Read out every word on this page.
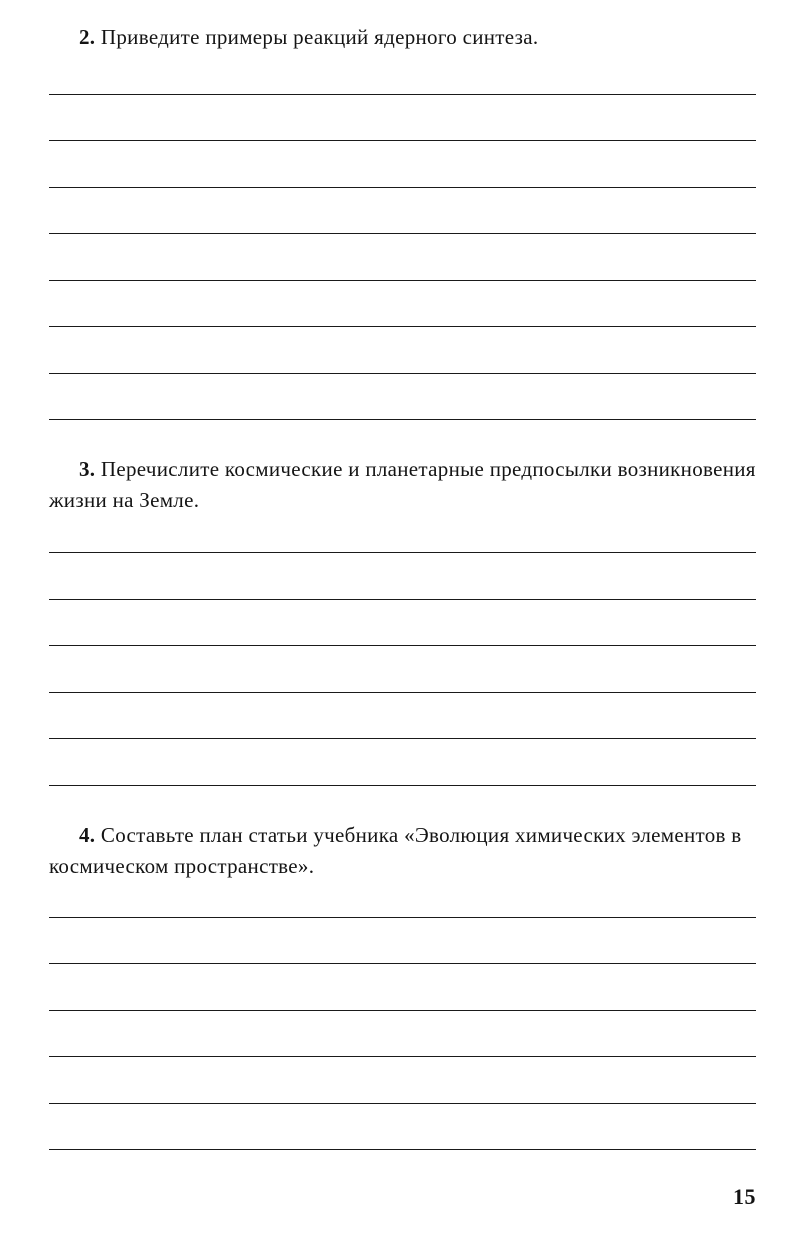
2. Приведите примеры реакций ядерного синтеза.
3. Перечислите космические и планетарные предпосылки возникновения жизни на Земле.
4. Составьте план статьи учебника «Эволюция химических элементов в космическом пространстве».
15
